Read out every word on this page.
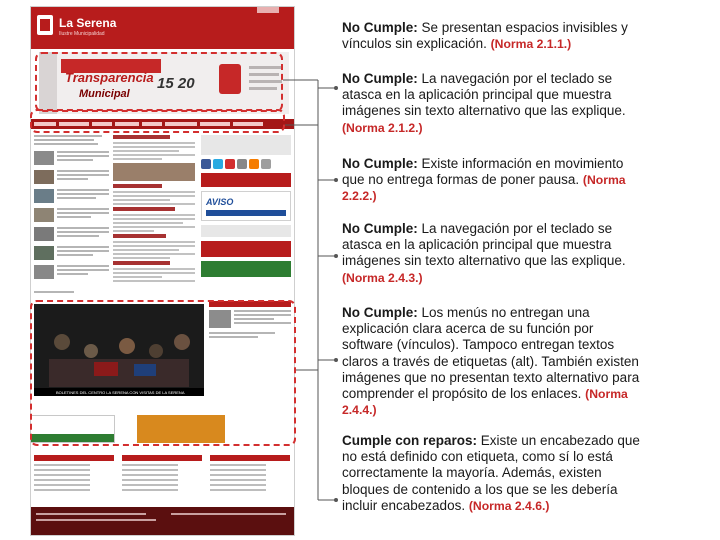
La Serena
Ilustre Municipalidad
Transparencia
Municipal
15 20
AVISO
BOLETINES DEL CENTRO LA SERENA CON VISITAS DE LA SERENA
No Cumple: Se presentan espacios invisibles y vínculos sin explicación. (Norma 2.1.1.)
No Cumple: La navegación por el teclado se atasca en la aplicación principal que muestra imágenes sin texto alternativo que las explique. (Norma 2.1.2.)
No Cumple: Existe información en movimiento que no entrega formas de poner pausa. (Norma 2.2.2.)
No Cumple: La navegación por el teclado se atasca en la aplicación principal que muestra imágenes sin texto alternativo que las explique. (Norma 2.4.3.)
No Cumple: Los menús no entregan una explicación clara acerca de su función por software (vínculos). Tampoco entregan textos claros a través de etiquetas (alt). También existen imágenes que no presentan texto alternativo para comprender el propósito de los enlaces. (Norma 2.4.4.)
Cumple con reparos: Existe un encabezado que no está definido con etiqueta, como sí lo está correctamente la mayoría. Además, existen bloques de contenido a los que se les debería incluir encabezados. (Norma 2.4.6.)
